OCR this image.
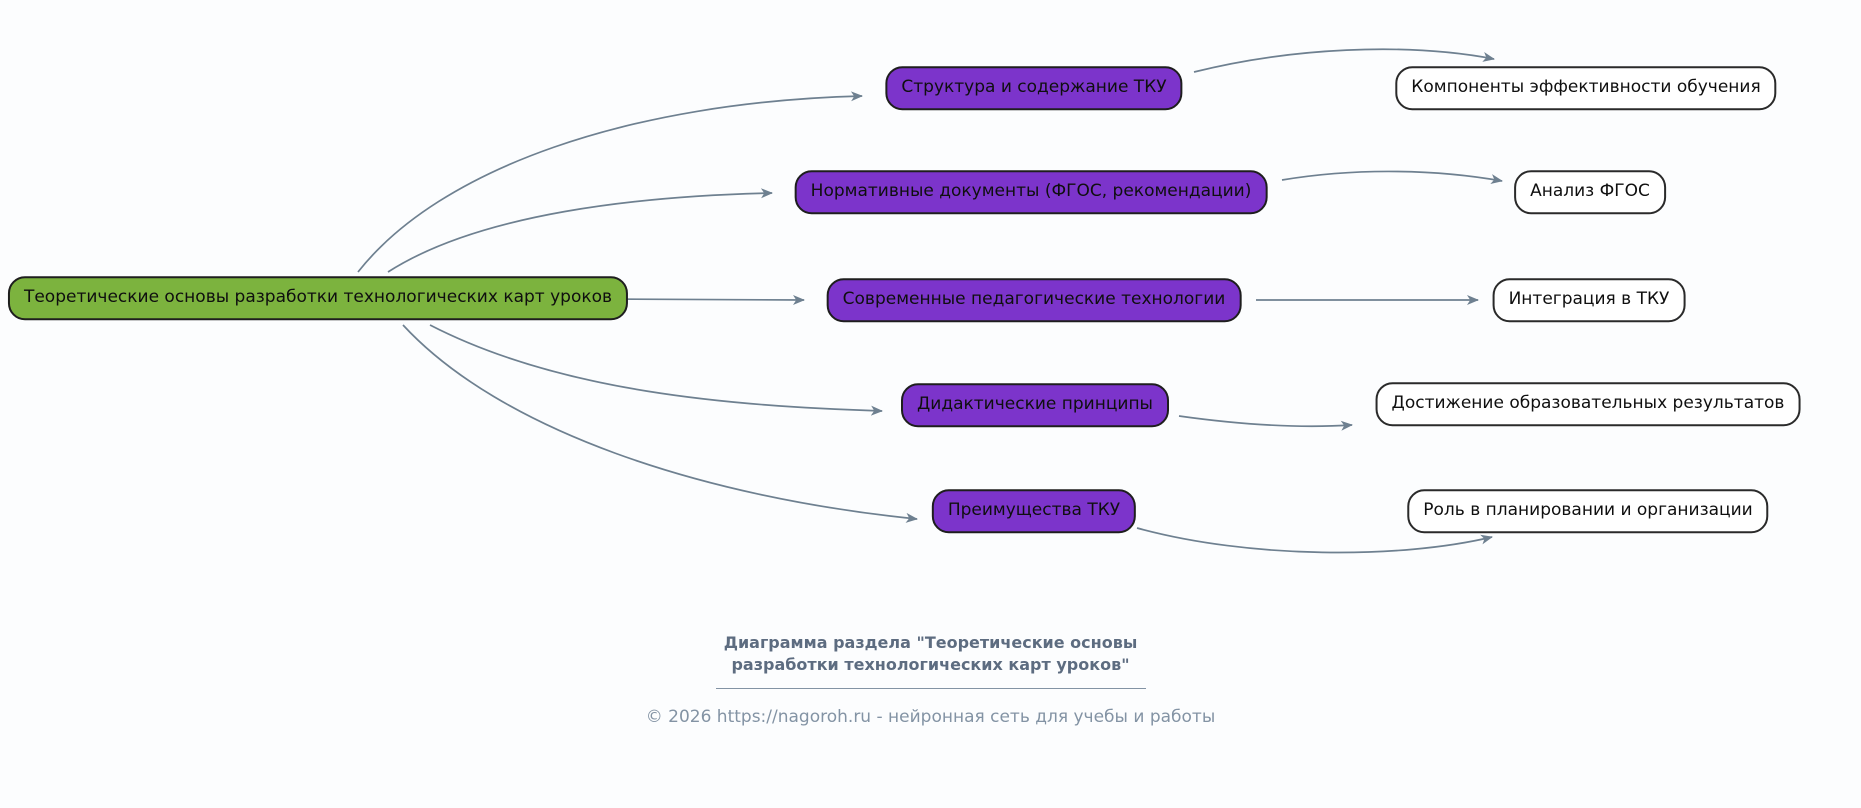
Теоретические основы разработки технологических карт уроков
Структура и содержание ТКУ
Нормативные документы (ФГОС, рекомендации)
Современные педагогические технологии
Дидактические принципы
Преимущества ТКУ
Компоненты эффективности обучения
Анализ ФГОС
Интеграция в ТКУ
Достижение образовательных результатов
Роль в планировании и организации
Диаграмма раздела "Теоретические основы
разработки технологических карт уроков"
© 2026 https://nagoroh.ru - нейронная сеть для учебы и работы
